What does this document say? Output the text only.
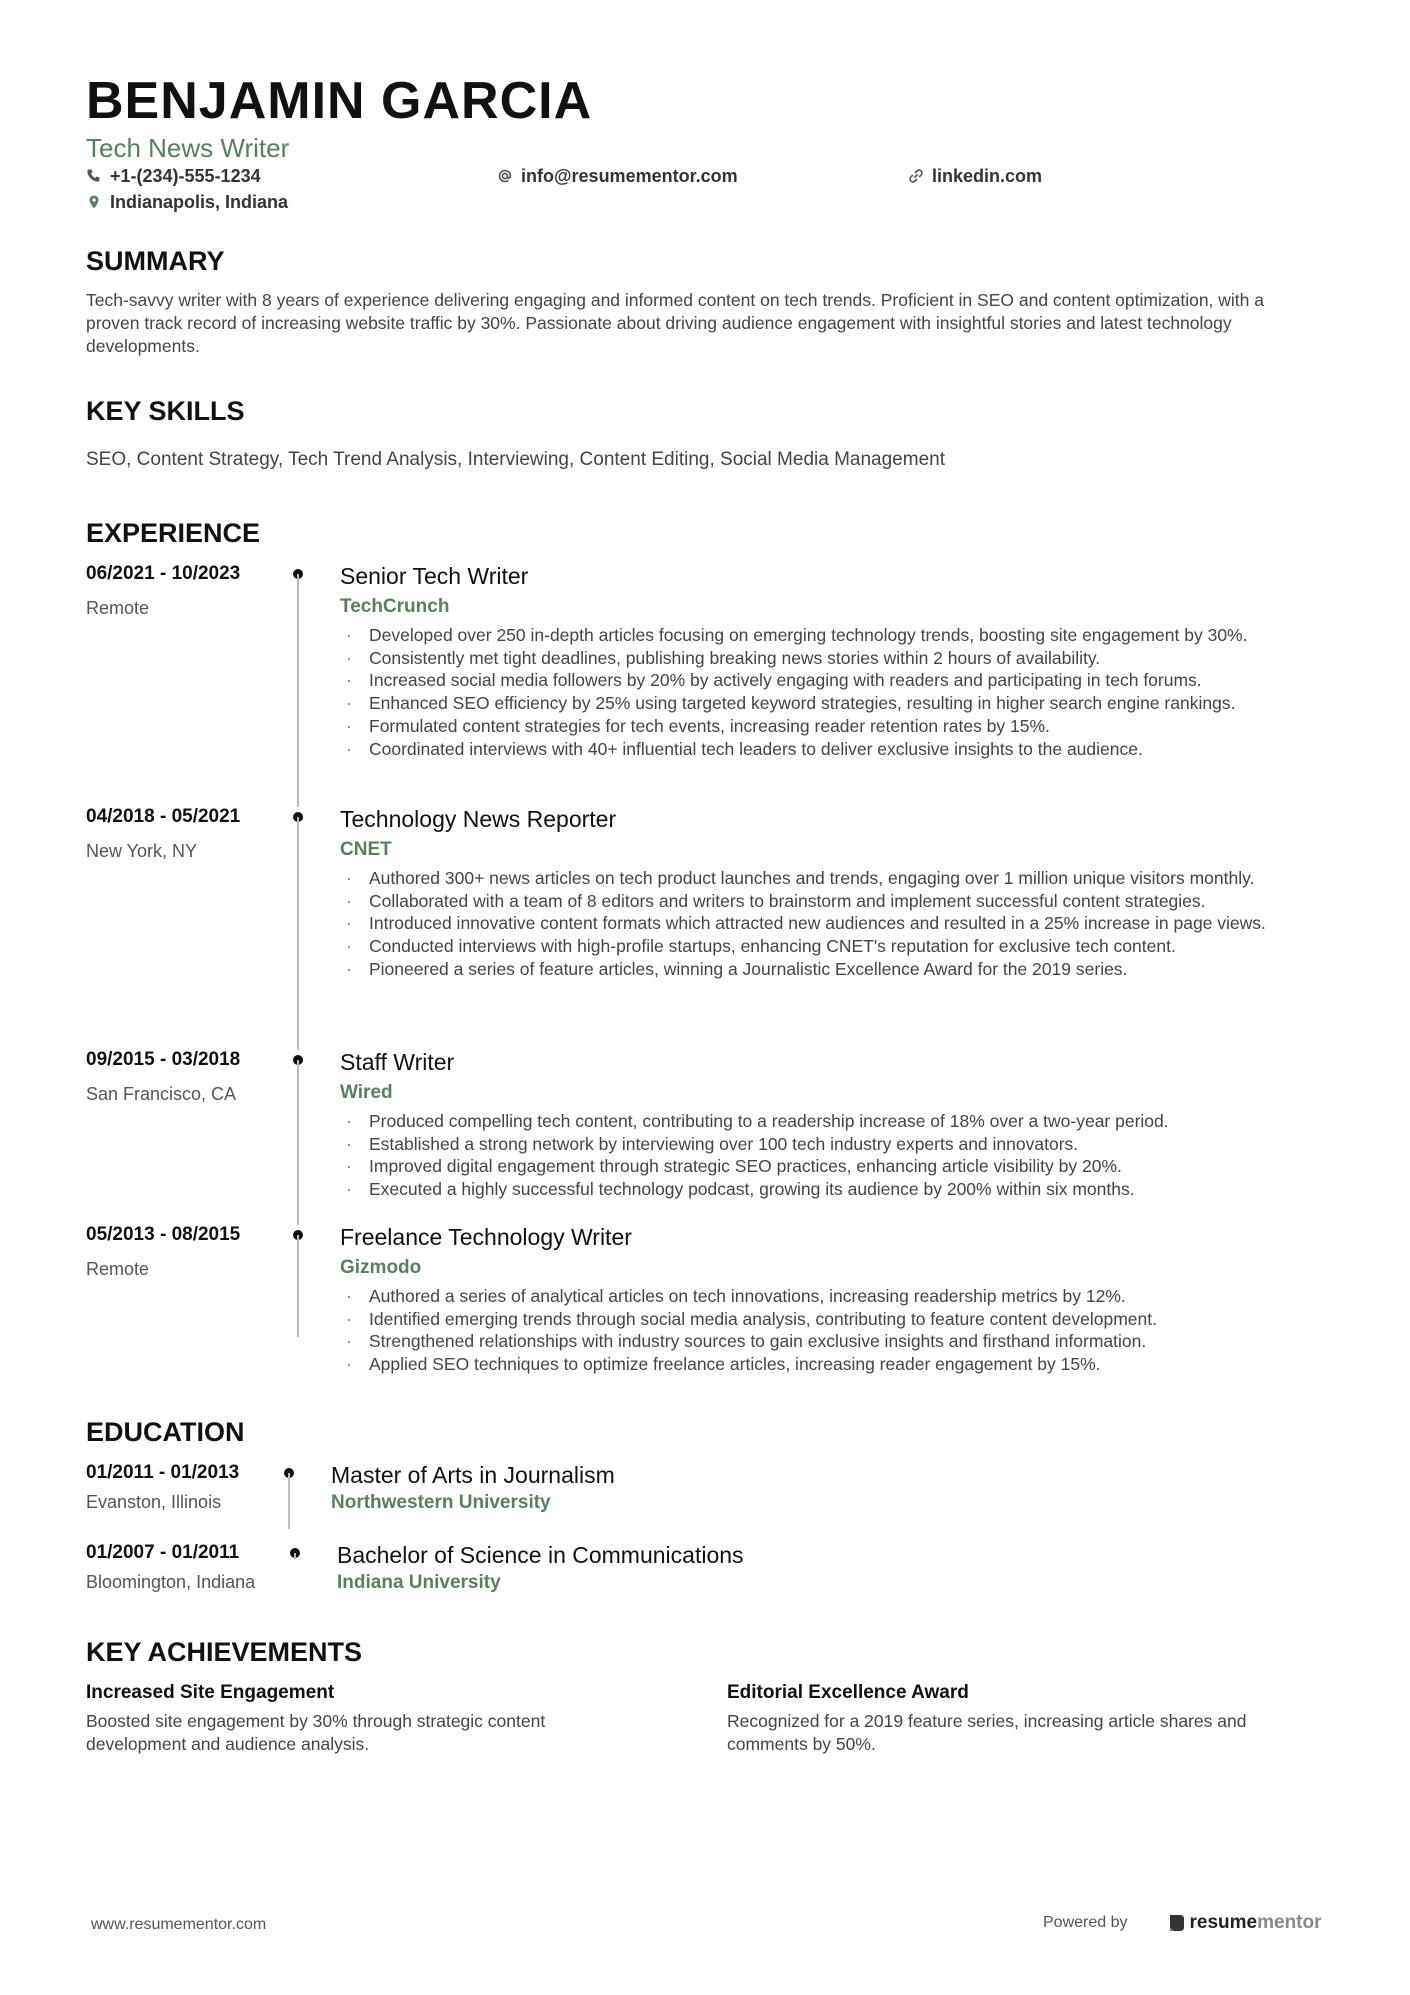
BENJAMIN GARCIA
Tech News Writer
+1-(234)-555-1234	info@resumementor.com	linkedin.com
Indianapolis, Indiana
SUMMARY
Tech-savvy writer with 8 years of experience delivering engaging and informed content on tech trends. Proficient in SEO and content optimization, with a proven track record of increasing website traffic by 30%. Passionate about driving audience engagement with insightful stories and latest technology developments.
KEY SKILLS
SEO, Content Strategy, Tech Trend Analysis, Interviewing, Content Editing, Social Media Management
EXPERIENCE
06/2021 - 10/2023
Remote
Senior Tech Writer
TechCrunch
· Developed over 250 in-depth articles focusing on emerging technology trends, boosting site engagement by 30%.
· Consistently met tight deadlines, publishing breaking news stories within 2 hours of availability.
· Increased social media followers by 20% by actively engaging with readers and participating in tech forums.
· Enhanced SEO efficiency by 25% using targeted keyword strategies, resulting in higher search engine rankings.
· Formulated content strategies for tech events, increasing reader retention rates by 15%.
· Coordinated interviews with 40+ influential tech leaders to deliver exclusive insights to the audience.
04/2018 - 05/2021
New York, NY
Technology News Reporter
CNET
· Authored 300+ news articles on tech product launches and trends, engaging over 1 million unique visitors monthly.
· Collaborated with a team of 8 editors and writers to brainstorm and implement successful content strategies.
· Introduced innovative content formats which attracted new audiences and resulted in a 25% increase in page views.
· Conducted interviews with high-profile startups, enhancing CNET's reputation for exclusive tech content.
· Pioneered a series of feature articles, winning a Journalistic Excellence Award for the 2019 series.
09/2015 - 03/2018
San Francisco, CA
Staff Writer
Wired
· Produced compelling tech content, contributing to a readership increase of 18% over a two-year period.
· Established a strong network by interviewing over 100 tech industry experts and innovators.
· Improved digital engagement through strategic SEO practices, enhancing article visibility by 20%.
· Executed a highly successful technology podcast, growing its audience by 200% within six months.
05/2013 - 08/2015
Remote
Freelance Technology Writer
Gizmodo
· Authored a series of analytical articles on tech innovations, increasing readership metrics by 12%.
· Identified emerging trends through social media analysis, contributing to feature content development.
· Strengthened relationships with industry sources to gain exclusive insights and firsthand information.
· Applied SEO techniques to optimize freelance articles, increasing reader engagement by 15%.
EDUCATION
01/2011 - 01/2013
Evanston, Illinois
Master of Arts in Journalism
Northwestern University
01/2007 - 01/2011
Bloomington, Indiana
Bachelor of Science in Communications
Indiana University
KEY ACHIEVEMENTS
Increased Site Engagement
Boosted site engagement by 30% through strategic content development and audience analysis.
Editorial Excellence Award
Recognized for a 2019 feature series, increasing article shares and comments by 50%.
www.resumementor.com	Powered by	resume mentor
